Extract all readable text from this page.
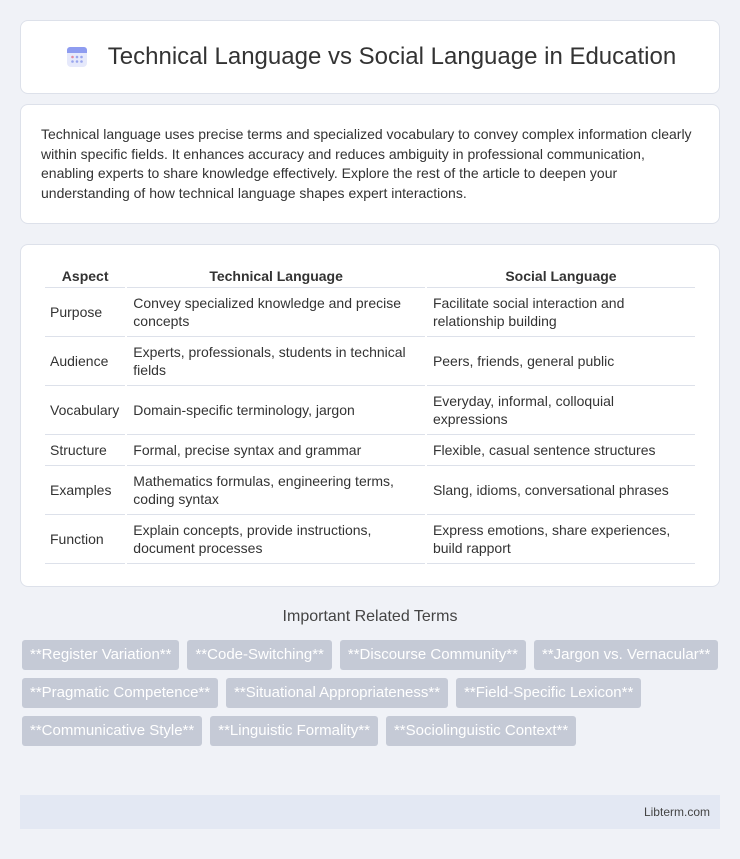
Technical Language vs Social Language in Education

Technical language uses precise terms and specialized vocabulary to convey complex information clearly within specific fields. It enhances accuracy and reduces ambiguity in professional communication, enabling experts to share knowledge effectively. Explore the rest of the article to deepen your understanding of how technical language shapes expert interactions.

Aspect	Technical Language	Social Language
Purpose	Convey specialized knowledge and precise concepts	Facilitate social interaction and relationship building
Audience	Experts, professionals, students in technical fields	Peers, friends, general public
Vocabulary	Domain-specific terminology, jargon	Everyday, informal, colloquial expressions
Structure	Formal, precise syntax and grammar	Flexible, casual sentence structures
Examples	Mathematics formulas, engineering terms, coding syntax	Slang, idioms, conversational phrases
Function	Explain concepts, provide instructions, document processes	Express emotions, share experiences, build rapport
Important Related Terms
**Register Variation**	**Code-Switching**	**Discourse Community**	**Jargon vs. Vernacular**
**Pragmatic Competence**	**Situational Appropriateness**	**Field-Specific Lexicon**
**Communicative Style**	**Linguistic Formality**	**Sociolinguistic Context**
Libterm.com
